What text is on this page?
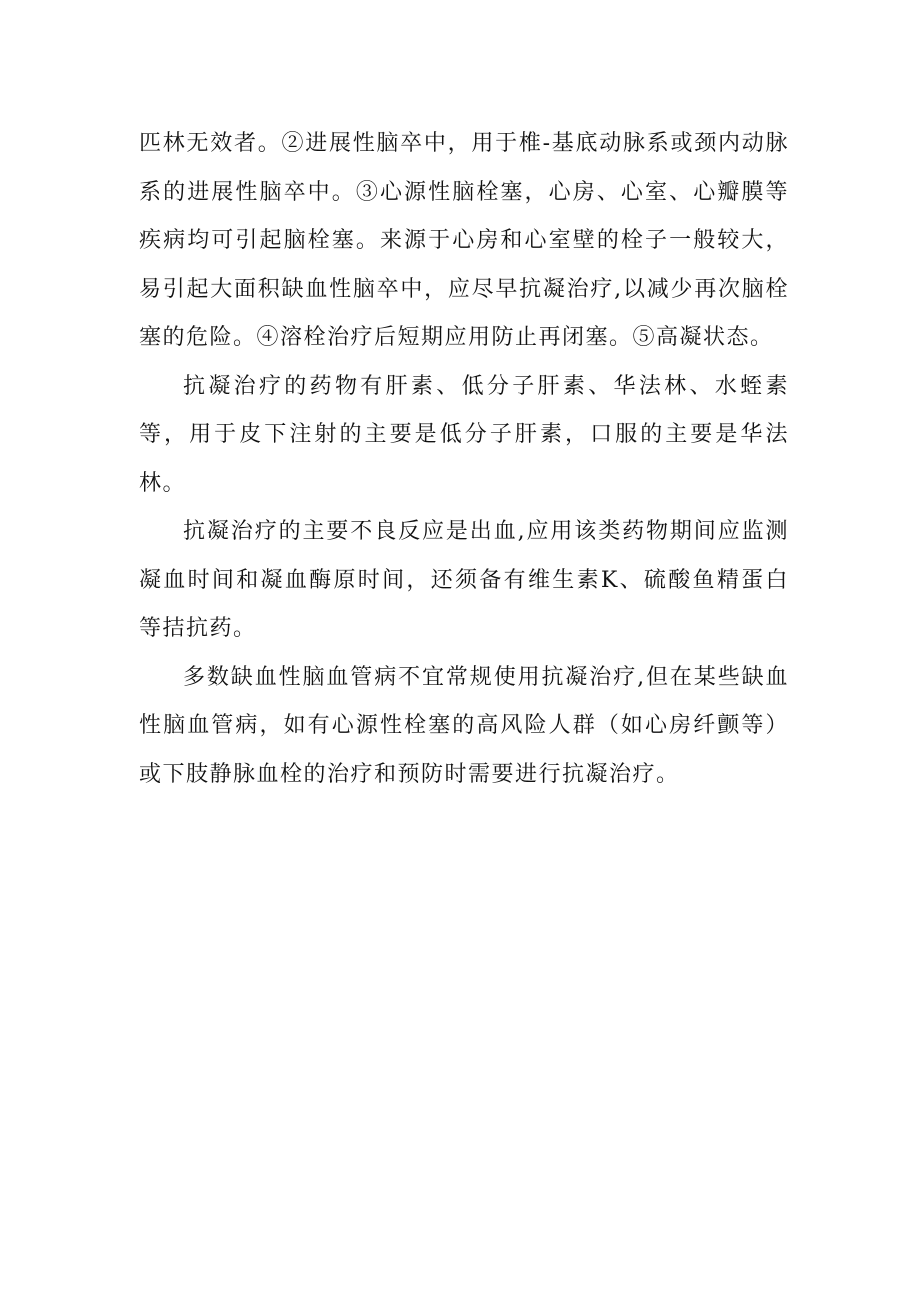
匹林无效者。②进展性脑卒中，用于椎-基底动脉系或颈内动脉系的进展性脑卒中。③心源性脑栓塞，心房、心室、心瓣膜等疾病均可引起脑栓塞。来源于心房和心室壁的栓子一般较大，易引起大面积缺血性脑卒中，应尽早抗凝治疗,以减少再次脑栓塞的危险。④溶栓治疗后短期应用防止再闭塞。⑤高凝状态。

抗凝治疗的药物有肝素、低分子肝素、华法林、水蛭素等，用于皮下注射的主要是低分子肝素，口服的主要是华法林。

抗凝治疗的主要不良反应是出血,应用该类药物期间应监测凝血时间和凝血酶原时间，还须备有维生素K、硫酸鱼精蛋白等拮抗药。

多数缺血性脑血管病不宜常规使用抗凝治疗,但在某些缺血性脑血管病，如有心源性栓塞的高风险人群（如心房纤颤等）或下肢静脉血栓的治疗和预防时需要进行抗凝治疗。
